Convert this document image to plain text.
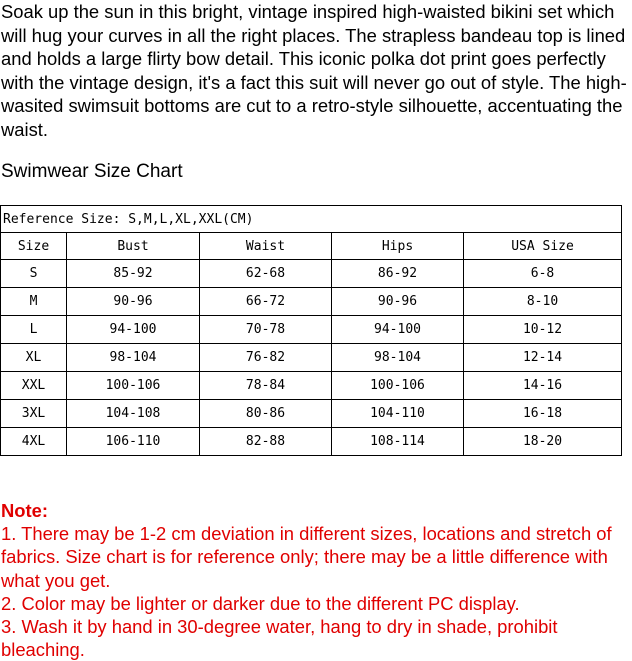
Soak up the sun in this bright, vintage inspired high-waisted bikini set which will hug your curves in all the right places. The strapless bandeau top is lined and holds a large flirty bow detail. This iconic polka dot print goes perfectly with the vintage design, it's a fact this suit will never go out of style. The high-wasited swimsuit bottoms are cut to a retro-style silhouette, accentuating the waist.

Swimwear Size Chart

Reference Size: S,M,L,XL,XXL(CM)				
Size	Bust	Waist	Hips	USA Size
S	85-92	62-68	86-92	6-8
M	90-96	66-72	90-96	8-10
L	94-100	70-78	94-100	10-12
XL	98-104	76-82	98-104	12-14
XXL	100-106	78-84	100-106	14-16
3XL	104-108	80-86	104-110	16-18
4XL	106-110	82-88	108-114	18-20

Note:

1. There may be 1-2 cm deviation in different sizes, locations and stretch of fabrics. Size chart is for reference only; there may be a little difference with what you get.

2. Color may be lighter or darker due to the different PC display.

3. Wash it by hand in 30-degree water, hang to dry in shade, prohibit bleaching.
